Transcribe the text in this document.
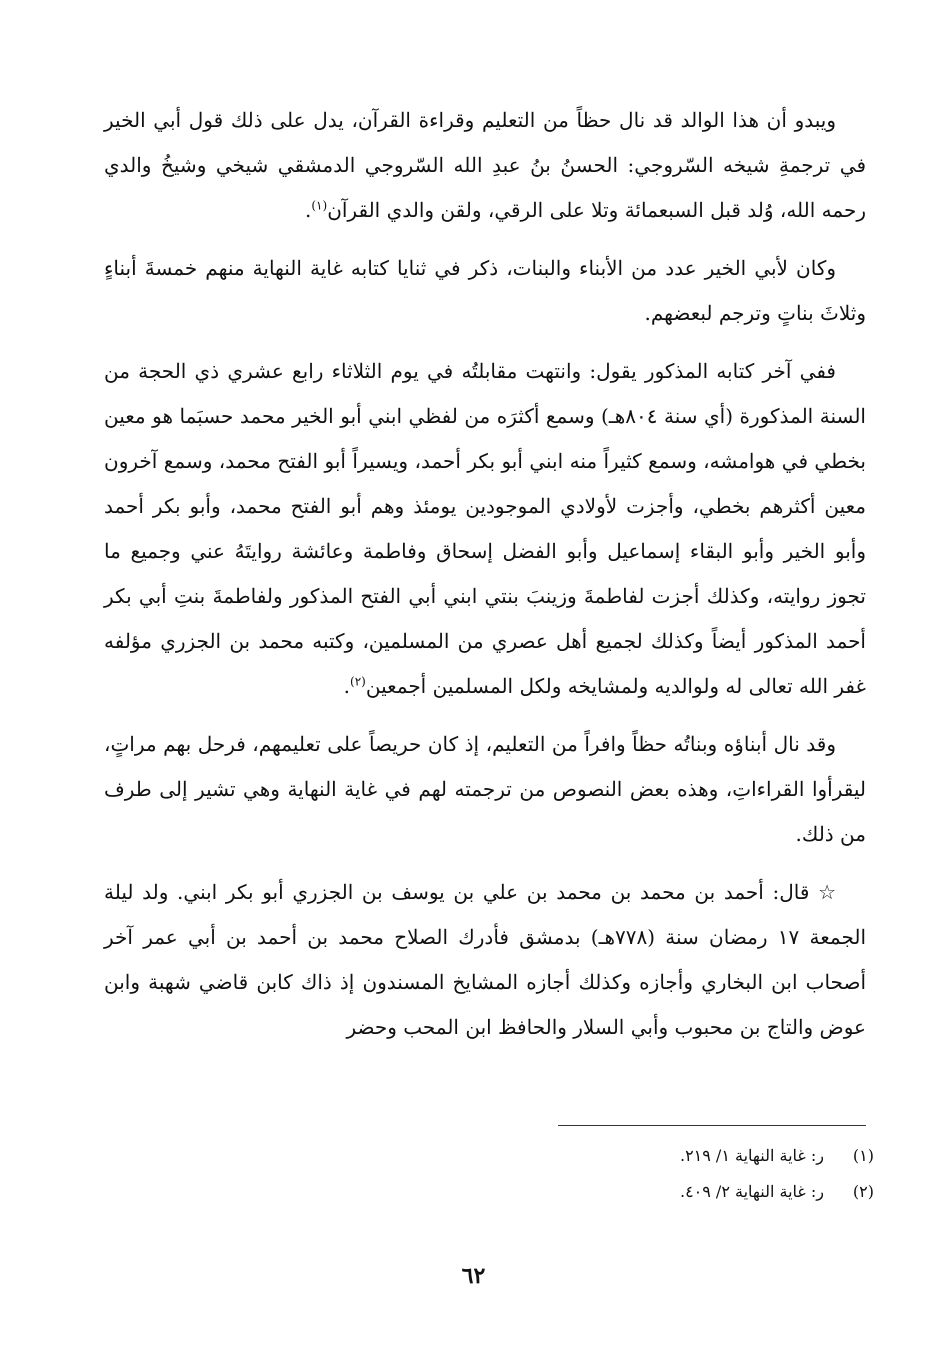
ويبدو أن هذا الوالد قد نال حظاً من التعليم وقراءة القرآن، يدل على ذلك قول أبي الخير في ترجمةِ شيخه السّروجي: الحسنُ بنُ عبدِ الله السّروجي الدمشقي شيخي وشيخُ والدي رحمه الله، وُلد قبل السبعمائة وتلا على الرقي، ولقن والدي القرآن$^{(١)}$.

وكان لأبي الخير عدد من الأبناء والبنات، ذكر في ثنايا كتابه غاية النهاية منهم خمسةَ أبناءٍ وثلاثَ بناتٍ وترجم لبعضهم.

ففي آخر كتابه المذكور يقول: وانتهت مقابلتُه في يوم الثلاثاء رابع عشري ذي الحجة من السنة المذكورة (أي سنة ٨٠٤هـ) وسمع أكثرَه من لفظي ابني أبو الخير محمد حسبَما هو معين بخطي في هوامشه، وسمع كثيراً منه ابني أبو بكر أحمد، ويسيراً أبو الفتح محمد، وسمع آخرون معين أكثرهم بخطي، وأجزت لأولادي الموجودين يومئذ وهم أبو الفتح محمد، وأبو بكر أحمد وأبو الخير وأبو البقاء إسماعيل وأبو الفضل إسحاق وفاطمة وعائشة روايتَهُ عني وجميع ما تجوز روايته، وكذلك أجزت لفاطمةَ وزينبَ بنتي ابني أبي الفتح المذكور ولفاطمةَ بنتِ أبي بكر أحمد المذكور أيضاً وكذلك لجميع أهل عصري من المسلمين، وكتبه محمد بن الجزري مؤلفه غفر الله تعالى له ولوالديه ولمشايخه ولكل المسلمين أجمعين$^{(٢)}$.

وقد نال أبناؤه وبناتُه حظاً وافراً من التعليم، إذ كان حريصاً على تعليمهم، فرحل بهم مراتٍ، ليقرأوا القراءاتِ، وهذه بعض النصوص من ترجمته لهم في غاية النهاية وهي تشير إلى طرف من ذلك.

☆ قال: أحمد بن محمد بن محمد بن علي بن يوسف بن الجزري أبو بكر ابني. ولد ليلة الجمعة ١٧ رمضان سنة (٧٧٨هـ) بدمشق فأدرك الصلاح محمد بن أحمد بن أبي عمر آخر أصحاب ابن البخاري وأجازه وكذلك أجازه المشايخ المسندون إذ ذاك كابن قاضي شهبة وابن عوض والتاج بن محبوب وأبي السلار والحافظ ابن المحب وحضر

(١)
ر: غاية النهاية ١/ ٢١٩.
(٢)
ر: غاية النهاية ٢/ ٤٠٩.
٦٢
